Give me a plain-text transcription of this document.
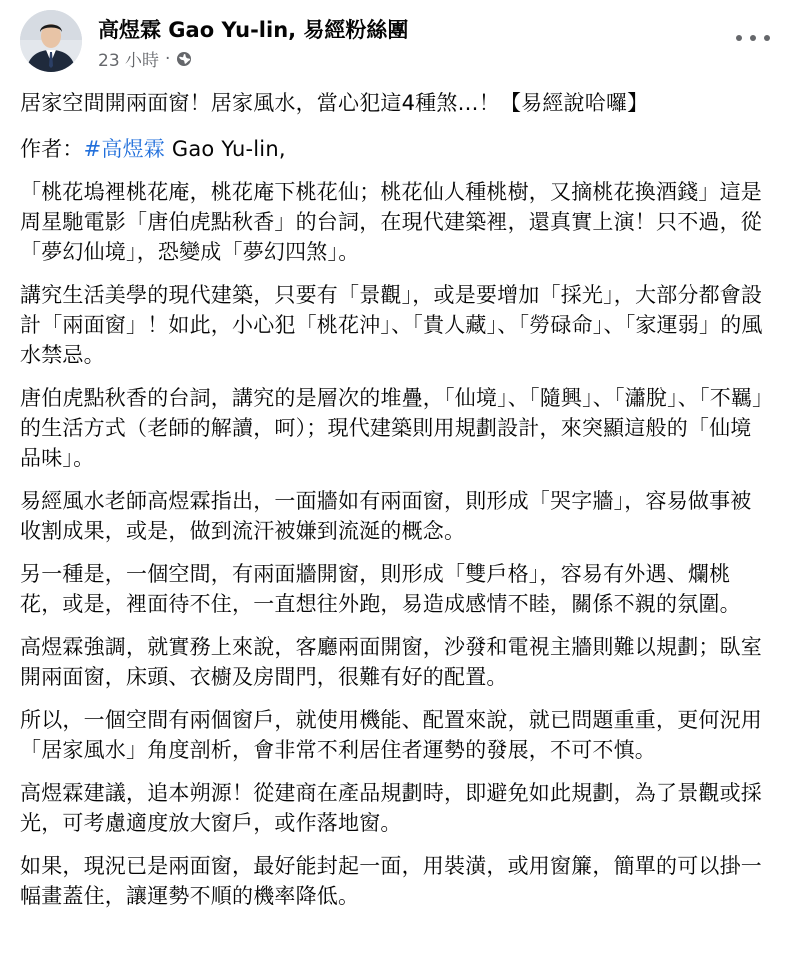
高煜霖 Gao Yu-lin, 易經粉絲團
23 小時 ·

居家空間開兩面窗！居家風水，當心犯這4種煞…！【易經說哈囉】

作者：#高煜霖 Gao Yu-lin,

「桃花塢裡桃花庵，桃花庵下桃花仙；桃花仙人種桃樹，又摘桃花換酒錢」這是周星馳電影「唐伯虎點秋香」的台詞，在現代建築裡，還真實上演！只不過，從「夢幻仙境」，恐變成「夢幻四煞」。

講究生活美學的現代建築，只要有「景觀」，或是要增加「採光」，大部分都會設計「兩面窗」！如此，小心犯「桃花沖」、「貴人藏」、「勞碌命」、「家運弱」的風水禁忌。

唐伯虎點秋香的台詞，講究的是層次的堆疊，「仙境」、「隨興」、「瀟脫」、「不羈」的生活方式（老師的解讀，呵）；現代建築則用規劃設計，來突顯這般的「仙境品味」。

易經風水老師高煜霖指出，一面牆如有兩面窗，則形成「哭字牆」，容易做事被收割成果，或是，做到流汗被嫌到流涎的概念。

另一種是，一個空間，有兩面牆開窗，則形成「雙戶格」，容易有外遇、爛桃花，或是，裡面待不住，一直想往外跑，易造成感情不睦，關係不親的氛圍。

高煜霖強調，就實務上來說，客廳兩面開窗，沙發和電視主牆則難以規劃；臥室開兩面窗，床頭、衣櫥及房間門，很難有好的配置。

所以，一個空間有兩個窗戶，就使用機能、配置來說，就已問題重重，更何況用「居家風水」角度剖析，會非常不利居住者運勢的發展，不可不慎。

高煜霖建議，追本朔源！從建商在產品規劃時，即避免如此規劃，為了景觀或採光，可考慮適度放大窗戶，或作落地窗。

如果，現況已是兩面窗，最好能封起一面，用裝潢，或用窗簾，簡單的可以掛一幅畫蓋住，讓運勢不順的機率降低。
